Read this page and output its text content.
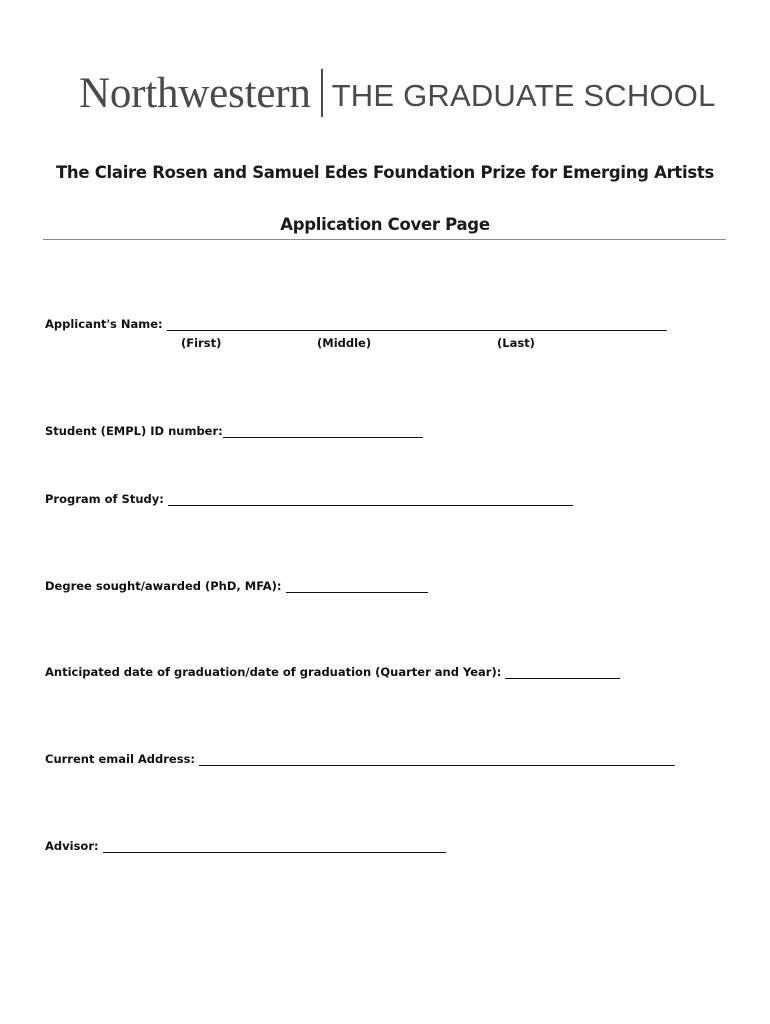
Northwestern THE GRADUATE SCHOOL
The Claire Rosen and Samuel Edes Foundation Prize for Emerging Artists
Application Cover Page
Applicant's Name:
(First)	(Middle)	(Last)
Student (EMPL) ID number:
Program of Study:
Degree sought/awarded (PhD, MFA):
Anticipated date of graduation/date of graduation (Quarter and Year):
Current email Address:
Advisor:
